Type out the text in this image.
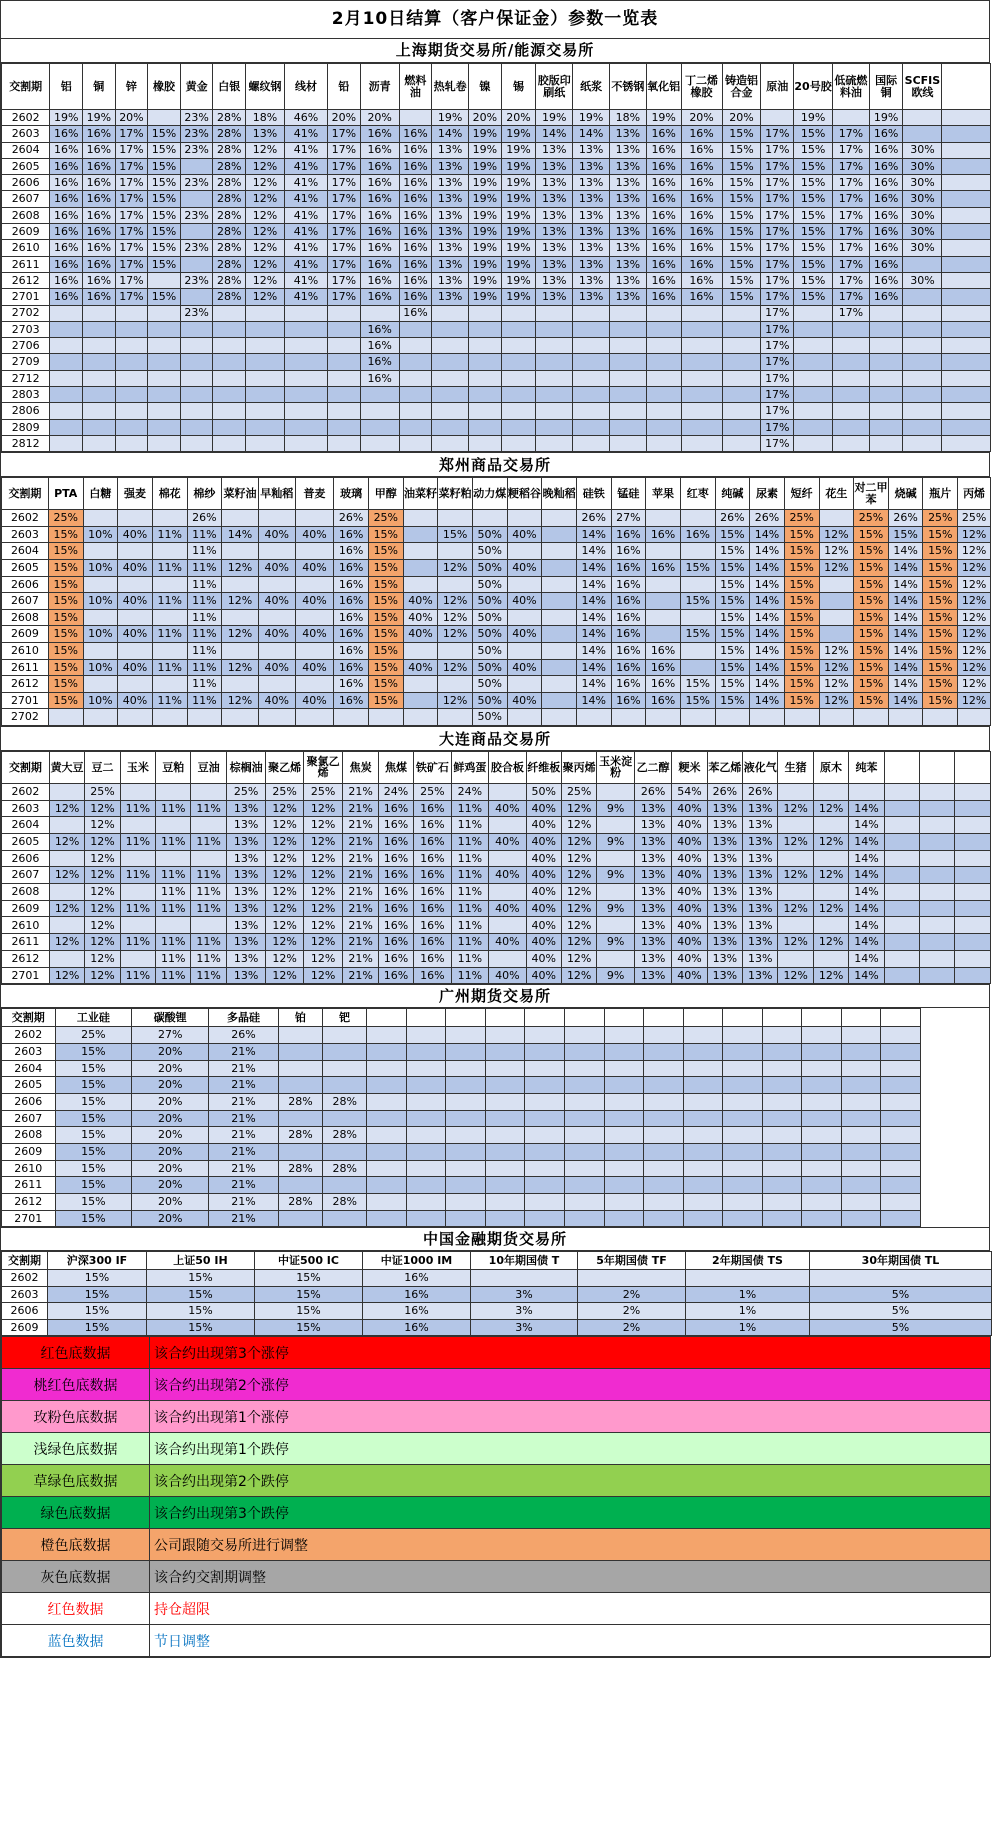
2月10日结算（客户保证金）参数一览表
上海期货交易所/能源交易所
交割期	铝	铜	锌	橡胶	黄金	白银	螺纹钢	线材	铅	沥青	燃料油	热轧卷	镍	锡	胶版印刷纸	纸浆	不锈钢	氧化铝	丁二烯橡胶	铸造铝合金	原油	20号胶	低硫燃料油	国际铜	SCFIS欧线	
2602	19%	19%	20%		23%	28%	18%	46%	20%	20%		19%	20%	20%	19%	19%	18%	19%	20%	20%		19%		19%		
2603	16%	16%	17%	15%	23%	28%	13%	41%	17%	16%	16%	14%	19%	19%	14%	14%	13%	16%	16%	15%	17%	15%	17%	16%		
2604	16%	16%	17%	15%	23%	28%	12%	41%	17%	16%	16%	13%	19%	19%	13%	13%	13%	16%	16%	15%	17%	15%	17%	16%	30%	
2605	16%	16%	17%	15%		28%	12%	41%	17%	16%	16%	13%	19%	19%	13%	13%	13%	16%	16%	15%	17%	15%	17%	16%	30%	
2606	16%	16%	17%	15%	23%	28%	12%	41%	17%	16%	16%	13%	19%	19%	13%	13%	13%	16%	16%	15%	17%	15%	17%	16%	30%	
2607	16%	16%	17%	15%		28%	12%	41%	17%	16%	16%	13%	19%	19%	13%	13%	13%	16%	16%	15%	17%	15%	17%	16%	30%	
2608	16%	16%	17%	15%	23%	28%	12%	41%	17%	16%	16%	13%	19%	19%	13%	13%	13%	16%	16%	15%	17%	15%	17%	16%	30%	
2609	16%	16%	17%	15%		28%	12%	41%	17%	16%	16%	13%	19%	19%	13%	13%	13%	16%	16%	15%	17%	15%	17%	16%	30%	
2610	16%	16%	17%	15%	23%	28%	12%	41%	17%	16%	16%	13%	19%	19%	13%	13%	13%	16%	16%	15%	17%	15%	17%	16%	30%	
2611	16%	16%	17%	15%		28%	12%	41%	17%	16%	16%	13%	19%	19%	13%	13%	13%	16%	16%	15%	17%	15%	17%	16%		
2612	16%	16%	17%		23%	28%	12%	41%	17%	16%	16%	13%	19%	19%	13%	13%	13%	16%	16%	15%	17%	15%	17%	16%	30%	
2701	16%	16%	17%	15%		28%	12%	41%	17%	16%	16%	13%	19%	19%	13%	13%	13%	16%	16%	15%	17%	15%	17%	16%		
2702					23%						16%										17%		17%			
2703										16%											17%					
2706										16%											17%					
2709										16%											17%					
2712										16%											17%					
2803																					17%					
2806																					17%					
2809																					17%					
2812																					17%					
郑州商品交易所
交割期	PTA	白糖	强麦	棉花	棉纱	菜籽油	早籼稻	普麦	玻璃	甲醇	油菜籽	菜籽粕	动力煤	粳稻谷	晚籼稻	硅铁	锰硅	苹果	红枣	纯碱	尿素	短纤	花生	对二甲苯	烧碱	瓶片	丙烯
2602	25%				26%				26%	25%						26%	27%			26%	26%	25%		25%	26%	25%	25%
2603	15%	10%	40%	11%	11%	14%	40%	40%	16%	15%		15%	50%	40%		14%	16%	16%	16%	15%	14%	15%	12%	15%	15%	15%	12%
2604	15%				11%				16%	15%			50%			14%	16%			15%	14%	15%	12%	15%	14%	15%	12%
2605	15%	10%	40%	11%	11%	12%	40%	40%	16%	15%		12%	50%	40%		14%	16%	16%	15%	15%	14%	15%	12%	15%	14%	15%	12%
2606	15%				11%				16%	15%			50%			14%	16%			15%	14%	15%		15%	14%	15%	12%
2607	15%	10%	40%	11%	11%	12%	40%	40%	16%	15%	40%	12%	50%	40%		14%	16%		15%	15%	14%	15%		15%	14%	15%	12%
2608	15%				11%				16%	15%	40%	12%	50%			14%	16%			15%	14%	15%		15%	14%	15%	12%
2609	15%	10%	40%	11%	11%	12%	40%	40%	16%	15%	40%	12%	50%	40%		14%	16%		15%	15%	14%	15%		15%	14%	15%	12%
2610	15%				11%				16%	15%			50%			14%	16%	16%		15%	14%	15%	12%	15%	14%	15%	12%
2611	15%	10%	40%	11%	11%	12%	40%	40%	16%	15%	40%	12%	50%	40%		14%	16%	16%		15%	14%	15%	12%	15%	14%	15%	12%
2612	15%				11%				16%	15%			50%			14%	16%	16%	15%	15%	14%	15%	12%	15%	14%	15%	12%
2701	15%	10%	40%	11%	11%	12%	40%	40%	16%	15%		12%	50%	40%		14%	16%	16%	15%	15%	14%	15%	12%	15%	14%	15%	12%
2702													50%														
大连商品交易所
交割期	黄大豆	豆二	玉米	豆粕	豆油	棕榈油	聚乙烯	聚氯乙烯	焦炭	焦煤	铁矿石	鲜鸡蛋	胶合板	纤维板	聚丙烯	玉米淀粉	乙二醇	粳米	苯乙烯	液化气	生猪	原木	纯苯			
2602		25%				25%	25%	25%	21%	24%	25%	24%		50%	25%		26%	54%	26%	26%						
2603	12%	12%	11%	11%	11%	13%	12%	12%	21%	16%	16%	11%	40%	40%	12%	9%	13%	40%	13%	13%	12%	12%	14%			
2604		12%				13%	12%	12%	21%	16%	16%	11%		40%	12%		13%	40%	13%	13%			14%			
2605	12%	12%	11%	11%	11%	13%	12%	12%	21%	16%	16%	11%	40%	40%	12%	9%	13%	40%	13%	13%	12%	12%	14%			
2606		12%				13%	12%	12%	21%	16%	16%	11%		40%	12%		13%	40%	13%	13%			14%			
2607	12%	12%	11%	11%	11%	13%	12%	12%	21%	16%	16%	11%	40%	40%	12%	9%	13%	40%	13%	13%	12%	12%	14%			
2608		12%		11%	11%	13%	12%	12%	21%	16%	16%	11%		40%	12%		13%	40%	13%	13%			14%			
2609	12%	12%	11%	11%	11%	13%	12%	12%	21%	16%	16%	11%	40%	40%	12%	9%	13%	40%	13%	13%	12%	12%	14%			
2610		12%				13%	12%	12%	21%	16%	16%	11%		40%	12%		13%	40%	13%	13%			14%			
2611	12%	12%	11%	11%	11%	13%	12%	12%	21%	16%	16%	11%	40%	40%	12%	9%	13%	40%	13%	13%	12%	12%	14%			
2612		12%		11%	11%	13%	12%	12%	21%	16%	16%	11%		40%	12%		13%	40%	13%	13%			14%			
2701	12%	12%	11%	11%	11%	13%	12%	12%	21%	16%	16%	11%	40%	40%	12%	9%	13%	40%	13%	13%	12%	12%	14%			
广州期货交易所
交割期	工业硅	碳酸锂	多晶硅	铂	钯														
2602	25%	27%	26%																
2603	15%	20%	21%																
2604	15%	20%	21%																
2605	15%	20%	21%																
2606	15%	20%	21%	28%	28%														
2607	15%	20%	21%																
2608	15%	20%	21%	28%	28%														
2609	15%	20%	21%																
2610	15%	20%	21%	28%	28%														
2611	15%	20%	21%																
2612	15%	20%	21%	28%	28%														
2701	15%	20%	21%																
中国金融期货交易所
交割期	沪深300 IF	上证50 IH	中证500 IC	中证1000 IM	10年期国债 T	5年期国债 TF	2年期国债 TS	30年期国债 TL
2602	15%	15%	15%	16%				
2603	15%	15%	15%	16%	3%	2%	1%	5%
2606	15%	15%	15%	16%	3%	2%	1%	5%
2609	15%	15%	15%	16%	3%	2%	1%	5%
红色底数据	该合约出现第3个涨停
桃红色底数据	该合约出现第2个涨停
玫粉色底数据	该合约出现第1个涨停
浅绿色底数据	该合约出现第1个跌停
草绿色底数据	该合约出现第2个跌停
绿色底数据	该合约出现第3个跌停
橙色底数据	公司跟随交易所进行调整
灰色底数据	该合约交割期调整
红色数据	持仓超限
蓝色数据	节日调整
